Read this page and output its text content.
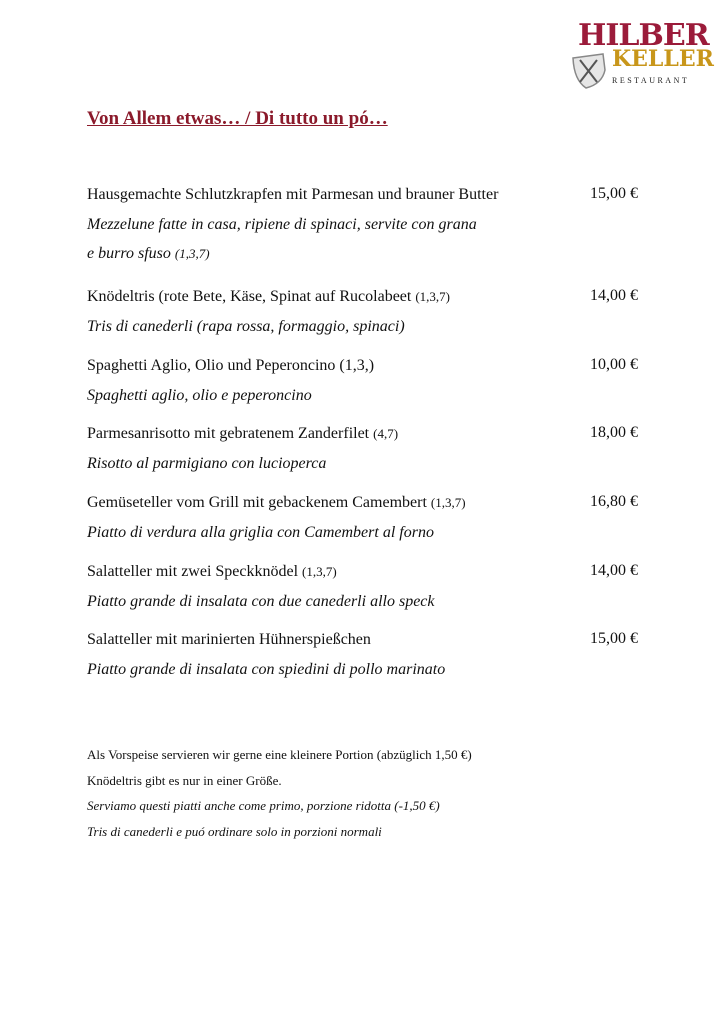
HILBER
KELLER
RESTAURANT
Von Allem etwas… / Di tutto un pó…
Hausgemachte Schlutzkrapfen mit Parmesan und brauner Butter	15,00 €
Mezzelune fatte in casa, ripiene di spinaci, servite con grana
e burro sfuso (1,3,7)
Knödeltris (rote Bete, Käse, Spinat auf Rucolabeet (1,3,7)	14,00 €
Tris di canederli (rapa rossa, formaggio, spinaci)
Spaghetti Aglio, Olio und Peperoncino (1,3,)	10,00 €
Spaghetti aglio, olio e peperoncino
Parmesanrisotto mit gebratenem Zanderfilet (4,7)	18,00 €
Risotto al parmigiano con lucioperca
Gemüseteller vom Grill mit gebackenem Camembert (1,3,7)	16,80 €
Piatto di verdura alla griglia con Camembert al forno
Salatteller mit zwei Speckknödel (1,3,7)	14,00 €
Piatto grande di insalata con due canederli allo speck
Salatteller mit marinierten Hühnerspießchen	15,00 €
Piatto grande di insalata con spiedini di pollo marinato
Als Vorspeise servieren wir gerne eine kleinere Portion (abzüglich 1,50 €)
Knödeltris gibt es nur in einer Größe.
Serviamo questi piatti anche come primo, porzione ridotta (-1,50 €)
Tris di canederli e puó ordinare solo in porzioni normali
